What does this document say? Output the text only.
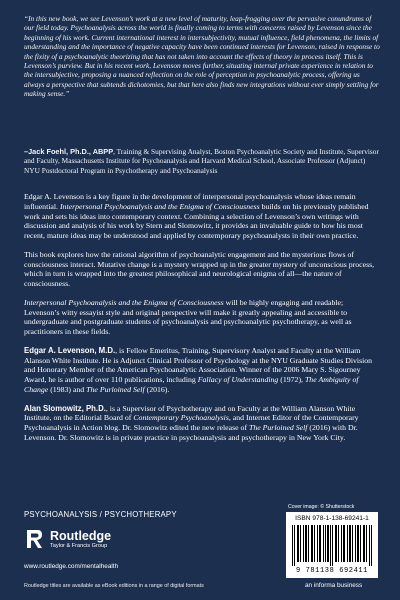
“In this new book, we see Levenson’s work at a new level of maturity, leap-frogging over the pervasive conundrums of our field today. Psychoanalysis across the world is finally coming to terms with concerns raised by Levenson since the beginning of his work. Current international interest in intersubjectivity, mutual influence, field phenomena, the limits of understanding and the importance of negative capacity have been continued interests for Levenson, raised in response to the fixity of a psychoanalytic theorizing that has not taken into account the effects of theory in process itself. This is Levenson’s purview. But in his recent work, Levenson moves further, situating internal private experience in relation to the intersubjective, proposing a nuanced reflection on the role of perception in psychoanalytic process, offering us always a perspective that subtends dichotomies, but that here also finds new integrations without ever simply settling for making sense.”
–Jack Foehl, Ph.D., ABPP, Training & Supervising Analyst, Boston Psychoanalytic Society and Institute, Supervisor and Faculty, Massachusetts Institute for Psychoanalysis and Harvard Medical School, Associate Professor (Adjunct) NYU Postdoctoral Program in Psychotherapy and Psychoanalysis

Edgar A. Levenson is a key figure in the development of interpersonal psychoanalysis whose ideas remain influential. Interpersonal Psychoanalysis and the Enigma of Consciousness builds on his previously published work and sets his ideas into contemporary context. Combining a selection of Levenson’s own writings with discussion and analysis of his work by Stern and Slomowitz, it provides an invaluable guide to how his most recent, mature ideas may be understood and applied by contemporary psychoanalysts in their own practice.

This book explores how the rational algorithm of psychoanalytic engagement and the mysterious flows of consciousness interact. Mutative change is a mystery wrapped up in the greater mystery of unconscious process, which in turn is wrapped into the greatest philosophical and neurological enigma of all—the nature of consciousness.

Interpersonal Psychoanalysis and the Enigma of Consciousness will be highly engaging and readable; Levenson’s witty essayist style and original perspective will make it greatly appealing and accessible to undergraduate and postgraduate students of psychoanalysis and psychoanalytic psychotherapy, as well as practitioners in these fields.

Edgar A. Levenson, M.D., is Fellow Emeritus, Training, Supervisory Analyst and Faculty at the William Alanson White Institute. He is Adjunct Clinical Professor of Psychology at the NYU Graduate Studies Division and Honorary Member of the American Psychoanalytic Association. Winner of the 2006 Mary S. Sigourney Award, he is author of over 110 publications, including Fallacy of Understanding (1972), The Ambiguity of Change (1983) and The Purloined Self (2016).

Alan Slomowitz, Ph.D., is a Supervisor of Psychotherapy and on Faculty at the William Alanson White Institute, on the Editorial Board of Contemporary Psychoanalysis, and Internet Editor of the Contemporary Psychoanalysis in Action blog. Dr. Slomowitz edited the new release of The Purloined Self (2016) with Dr. Levenson. Dr. Slomowitz is in private practice in psychoanalysis and psychotherapy in New York City.

PSYCHOANALYSIS / PSYCHOTHERAPY
Routledge
Taylor & Francis Group
www.routledge.com/mentalhealth
Routledge titles are available as eBook editions in a range of digital formats
Cover image: © Shutterstock
ISBN 978-1-138-69241-1
9 781138 692411
an informa business
